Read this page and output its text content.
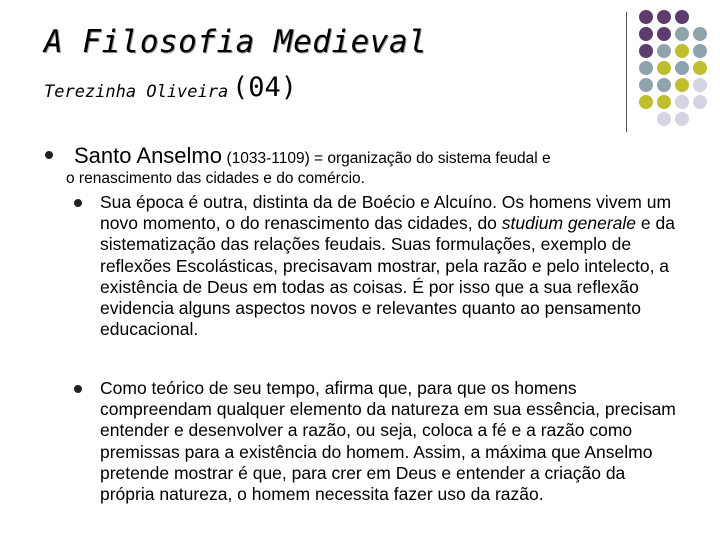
A Filosofia Medieval
Terezinha Oliveira (04)
Santo Anselmo (1033-1109) = organização do sistema feudal e
o renascimento das cidades e do comércio.

Sua época é outra, distinta da de Boécio e Alcuíno. Os homens vivem um novo momento, o do renascimento das cidades, do studium generale e da sistematização das relações feudais. Suas formulações, exemplo de reflexões Escolásticas, precisavam mostrar, pela razão e pelo intelecto, a existência de Deus em todas as coisas. É por isso que a sua reflexão evidencia alguns aspectos novos e relevantes quanto ao pensamento educacional.

Como teórico de seu tempo, afirma que, para que os homens compreendam qualquer elemento da natureza em sua essência, precisam entender e desenvolver a razão, ou seja, coloca a fé e a razão como premissas para a existência do homem. Assim, a máxima que Anselmo pretende mostrar é que, para crer em Deus e entender a criação da própria natureza, o homem necessita fazer uso da razão.
